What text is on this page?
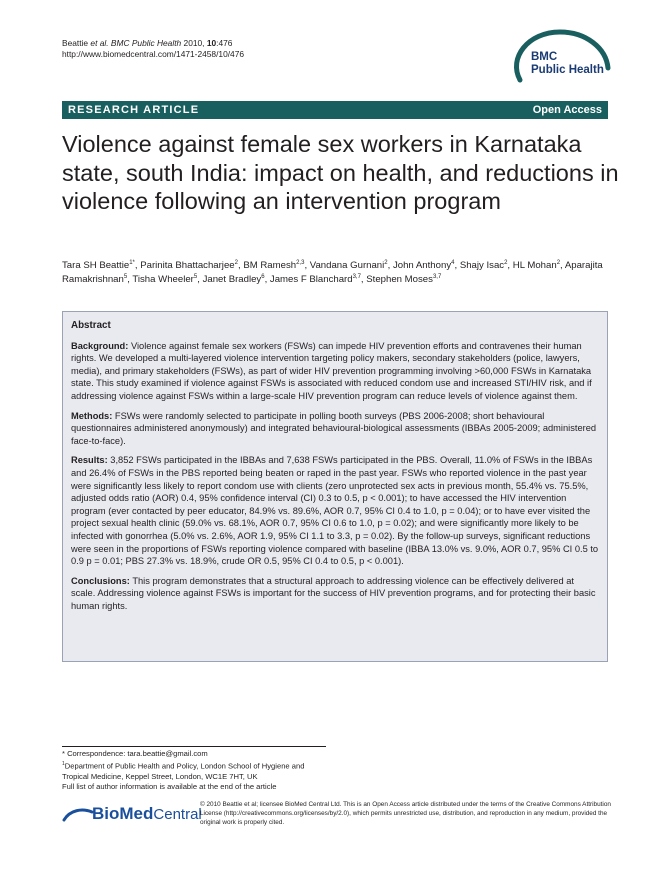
Beattie et al. BMC Public Health 2010, 10:476
http://www.biomedcentral.com/1471-2458/10/476	BMC
Public Health
RESEARCH ARTICLE	Open Access
Violence against female sex workers in Karnataka state, south India: impact on health, and reductions in violence following an intervention program
Tara SH Beattie$^{1*}$, Parinita Bhattacharjee$^2$, BM Ramesh$^{2,3}$, Vandana Gurnani$^2$, John Anthony$^4$, Shajy Isac$^2$, HL Mohan$^2$, Aparajita Ramakrishnan$^5$, Tisha Wheeler$^5$, Janet Bradley$^6$, James F Blanchard$^{3,7}$, Stephen Moses$^{3,7}$
Abstract

Background: Violence against female sex workers (FSWs) can impede HIV prevention efforts and contravenes their human rights. We developed a multi-layered violence intervention targeting policy makers, secondary stakeholders (police, lawyers, media), and primary stakeholders (FSWs), as part of wider HIV prevention programming involving >60,000 FSWs in Karnataka state. This study examined if violence against FSWs is associated with reduced condom use and increased STI/HIV risk, and if addressing violence against FSWs within a large-scale HIV prevention program can reduce levels of violence against them.

Methods: FSWs were randomly selected to participate in polling booth surveys (PBS 2006-2008; short behavioural questionnaires administered anonymously) and integrated behavioural-biological assessments (IBBAs 2005-2009; administered face-to-face).

Results: 3,852 FSWs participated in the IBBAs and 7,638 FSWs participated in the PBS. Overall, 11.0% of FSWs in the IBBAs and 26.4% of FSWs in the PBS reported being beaten or raped in the past year. FSWs who reported violence in the past year were significantly less likely to report condom use with clients (zero unprotected sex acts in previous month, 55.4% vs. 75.5%, adjusted odds ratio (AOR) 0.4, 95% confidence interval (CI) 0.3 to 0.5, p < 0.001); to have accessed the HIV intervention program (ever contacted by peer educator, 84.9% vs. 89.6%, AOR 0.7, 95% CI 0.4 to 1.0, p = 0.04); or to have ever visited the project sexual health clinic (59.0% vs. 68.1%, AOR 0.7, 95% CI 0.6 to 1.0, p = 0.02); and were significantly more likely to be infected with gonorrhea (5.0% vs. 2.6%, AOR 1.9, 95% CI 1.1 to 3.3, p = 0.02). By the follow-up surveys, significant reductions were seen in the proportions of FSWs reporting violence compared with baseline (IBBA 13.0% vs. 9.0%, AOR 0.7, 95% CI 0.5 to 0.9 p = 0.01; PBS 27.3% vs. 18.9%, crude OR 0.5, 95% CI 0.4 to 0.5, p < 0.001).

Conclusions: This program demonstrates that a structural approach to addressing violence can be effectively delivered at scale. Addressing violence against FSWs is important for the success of HIV prevention programs, and for protecting their basic human rights.

* Correspondence: tara.beattie@gmail.com
$^1$Department of Public Health and Policy, London School of Hygiene and
Tropical Medicine, Keppel Street, London, WC1E 7HT, UK
Full list of author information is available at the end of the article
BioMedCentral
© 2010 Beattie et al; licensee BioMed Central Ltd. This is an Open Access article distributed under the terms of the Creative Commons Attribution License (http://creativecommons.org/licenses/by/2.0), which permits unrestricted use, distribution, and reproduction in any medium, provided the original work is properly cited.
